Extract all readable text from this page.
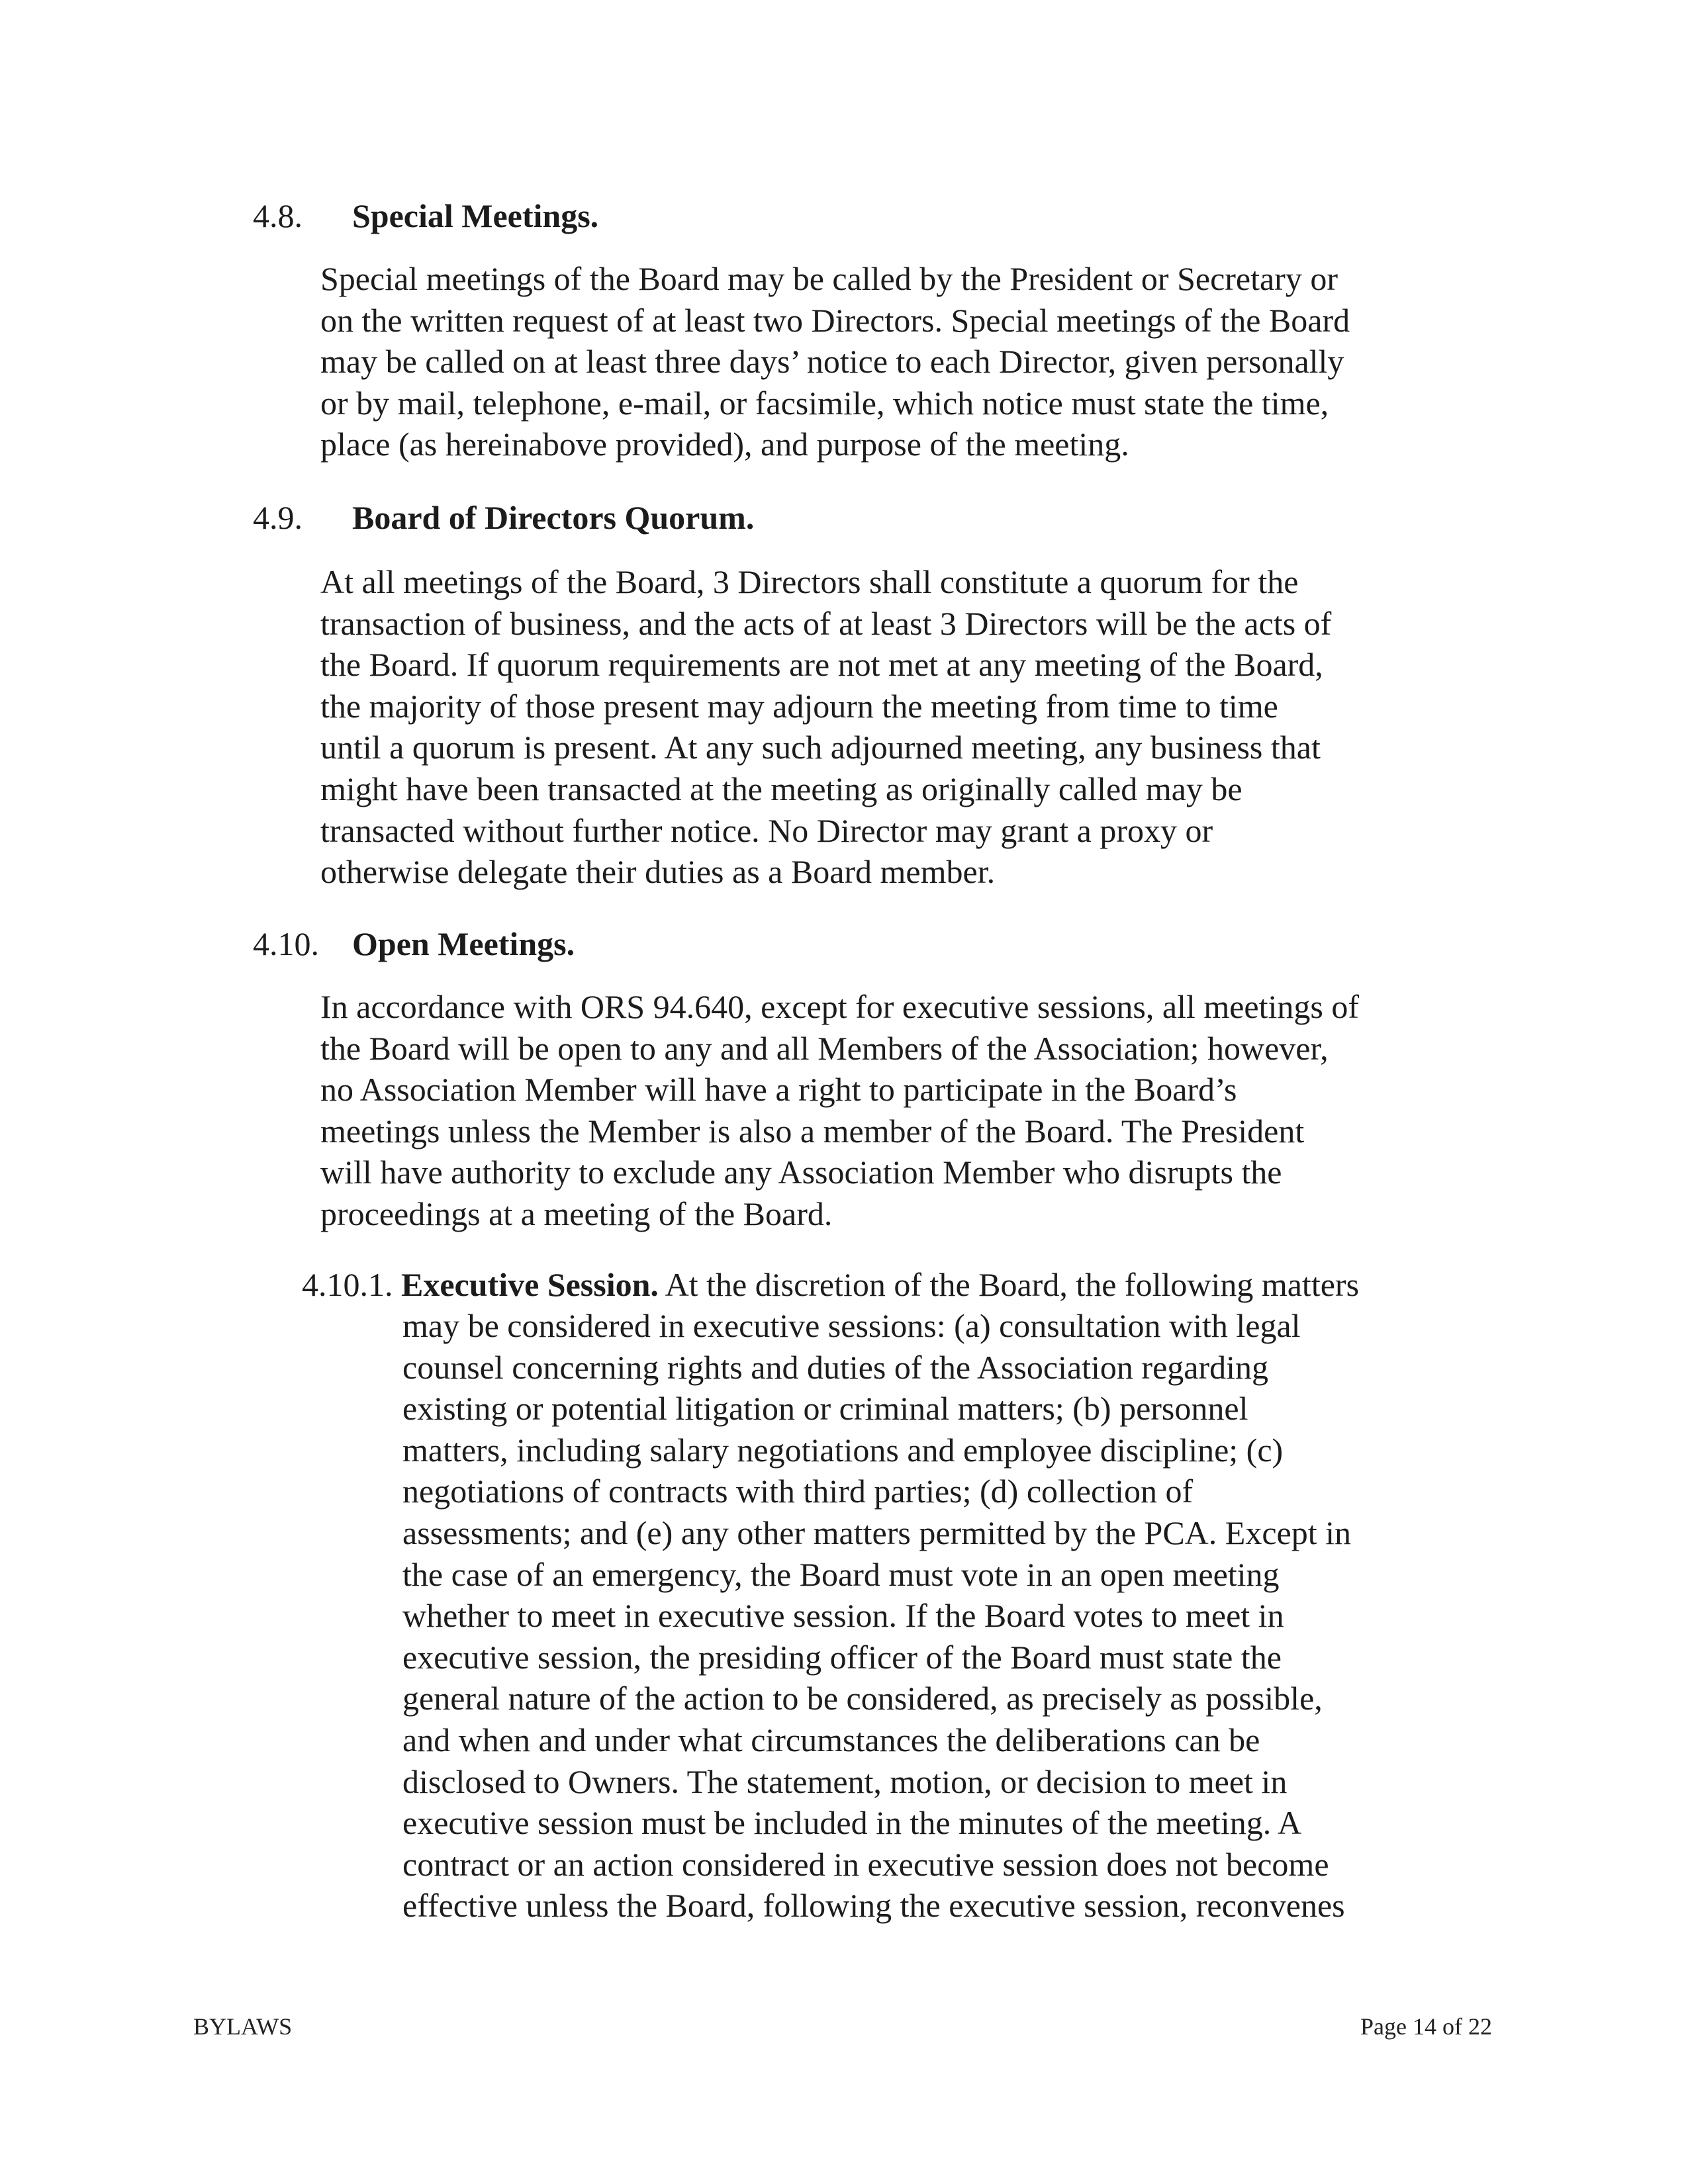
4.8. Special Meetings.
Special meetings of the Board may be called by the President or Secretary or
on the written request of at least two Directors. Special meetings of the Board
may be called on at least three days’ notice to each Director, given personally
or by mail, telephone, e-mail, or facsimile, which notice must state the time,
place (as hereinabove provided), and purpose of the meeting.
4.9. Board of Directors Quorum.
At all meetings of the Board, 3 Directors shall constitute a quorum for the
transaction of business, and the acts of at least 3 Directors will be the acts of
the Board. If quorum requirements are not met at any meeting of the Board,
the majority of those present may adjourn the meeting from time to time
until a quorum is present. At any such adjourned meeting, any business that
might have been transacted at the meeting as originally called may be
transacted without further notice. No Director may grant a proxy or
otherwise delegate their duties as a Board member.
4.10. Open Meetings.
In accordance with ORS 94.640, except for executive sessions, all meetings of
the Board will be open to any and all Members of the Association; however,
no Association Member will have a right to participate in the Board’s
meetings unless the Member is also a member of the Board. The President
will have authority to exclude any Association Member who disrupts the
proceedings at a meeting of the Board.
4.10.1. Executive Session. At the discretion of the Board, the following matters
may be considered in executive sessions: (a) consultation with legal
counsel concerning rights and duties of the Association regarding
existing or potential litigation or criminal matters; (b) personnel
matters, including salary negotiations and employee discipline; (c)
negotiations of contracts with third parties; (d) collection of
assessments; and (e) any other matters permitted by the PCA. Except in
the case of an emergency, the Board must vote in an open meeting
whether to meet in executive session. If the Board votes to meet in
executive session, the presiding officer of the Board must state the
general nature of the action to be considered, as precisely as possible,
and when and under what circumstances the deliberations can be
disclosed to Owners. The statement, motion, or decision to meet in
executive session must be included in the minutes of the meeting. A
contract or an action considered in executive session does not become
effective unless the Board, following the executive session, reconvenes
BYLAWS	Page 14 of 22
